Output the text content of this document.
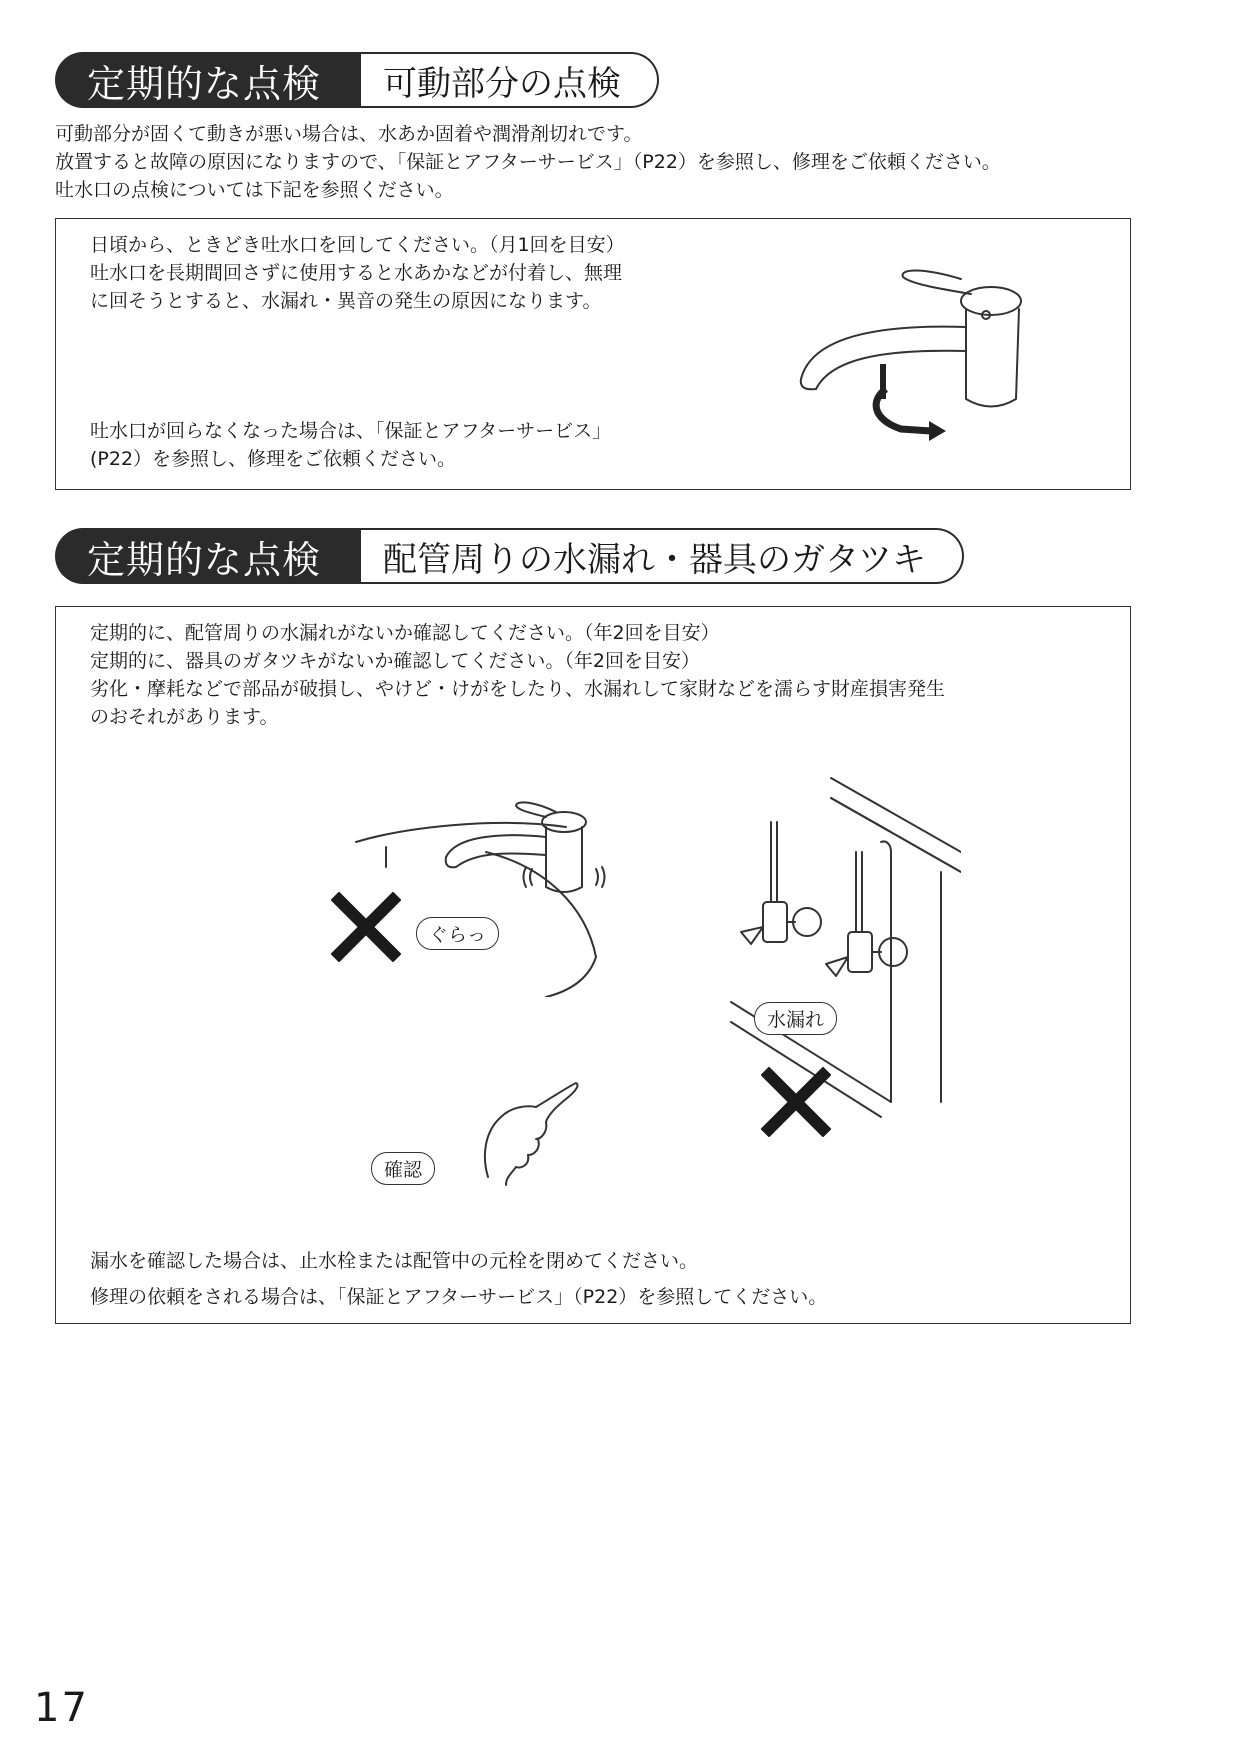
定期的な点検	可動部分の点検

可動部分が固くて動きが悪い場合は、水あか固着や潤滑剤切れです。

放置すると故障の原因になりますので、「保証とアフターサービス」（P22）を参照し、修理をご依頼ください。

吐水口の点検については下記を参照ください。

日頃から、ときどき吐水口を回してください。（月1回を目安）

吐水口を長期間回さずに使用すると水あかなどが付着し、無理

に回そうとすると、水漏れ・異音の発生の原因になります。

吐水口が回らなくなった場合は、「保証とアフターサービス」

(P22）を参照し、修理をご依頼ください。

定期的な点検	配管周りの水漏れ・器具のガタツキ

定期的に、配管周りの水漏れがないか確認してください。（年2回を目安）

定期的に、器具のガタツキがないか確認してください。（年2回を目安）

劣化・摩耗などで部品が破損し、やけど・けがをしたり、水漏れして家財などを濡らす財産損害発生

のおそれがあります。

ぐらっ
水漏れ
確認

漏水を確認した場合は、止水栓または配管中の元栓を閉めてください。

修理の依頼をされる場合は、「保証とアフターサービス」（P22）を参照してください。

17
